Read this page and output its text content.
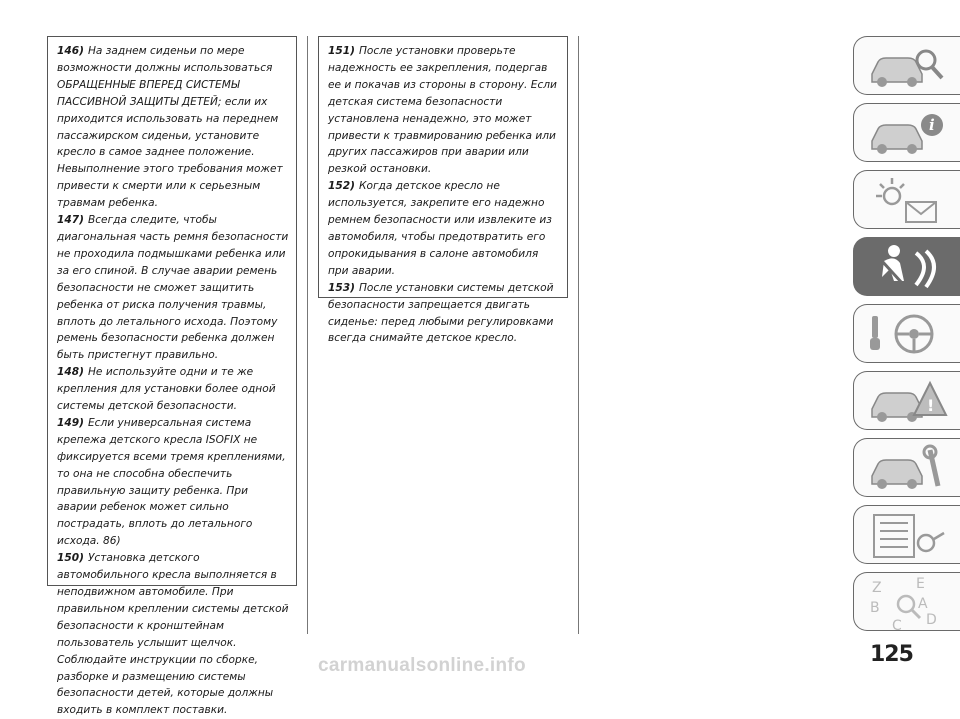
146) На заднем сиденьи по мере возможности должны использоваться ОБРАЩЕННЫЕ ВПЕРЕД СИСТЕМЫ ПАССИВНОЙ ЗАЩИТЫ ДЕТЕЙ; если их приходится использовать на переднем пассажирском сиденьи, установите кресло в самое заднее положение. Невыполнение этого требования может привести к смерти или к серьезным травмам ребенка.

147) Всегда следите, чтобы диагональная часть ремня безопасности не проходила подмышками ребенка или за его спиной. В случае аварии ремень безопасности не сможет защитить ребенка от риска получения травмы, вплоть до летального исхода. Поэтому ремень безопасности ребенка должен быть пристегнут правильно.

148) Не используйте одни и те же крепления для установки более одной системы детской безопасности.

149) Если универсальная система крепежа детского кресла ISOFIX не фиксируется всеми тремя креплениями, то она не способна обеспечить правильную защиту ребенка. При аварии ребенок может сильно пострадать, вплоть до летального исхода. 86)

150) Установка детского автомобильного кресла выполняется в неподвижном автомобиле. При правильном креплении системы детской безопасности к кронштейнам пользователь услышит щелчок. Соблюдайте инструкции по сборке, разборке и размещению системы безопасности детей, которые должны входить в комплект поставки.

151) После установки проверьте надежность ее закрепления, подергав ее и покачав из стороны в сторону. Если детская система безопасности установлена ненадежно, это может привести к травмированию ребенка или других пассажиров при аварии или резкой остановки.

152) Когда детское кресло не используется, закрепите его надежно ремнем безопасности или извлеките из автомобиля, чтобы предотвратить его опрокидывания в салоне автомобиля при аварии.

153) После установки системы детской безопасности запрещается двигать сиденье: перед любыми регулировками всегда снимайте детское кресло.

i
!
Z E
B	A
C D
125
carmanualsonline.info
